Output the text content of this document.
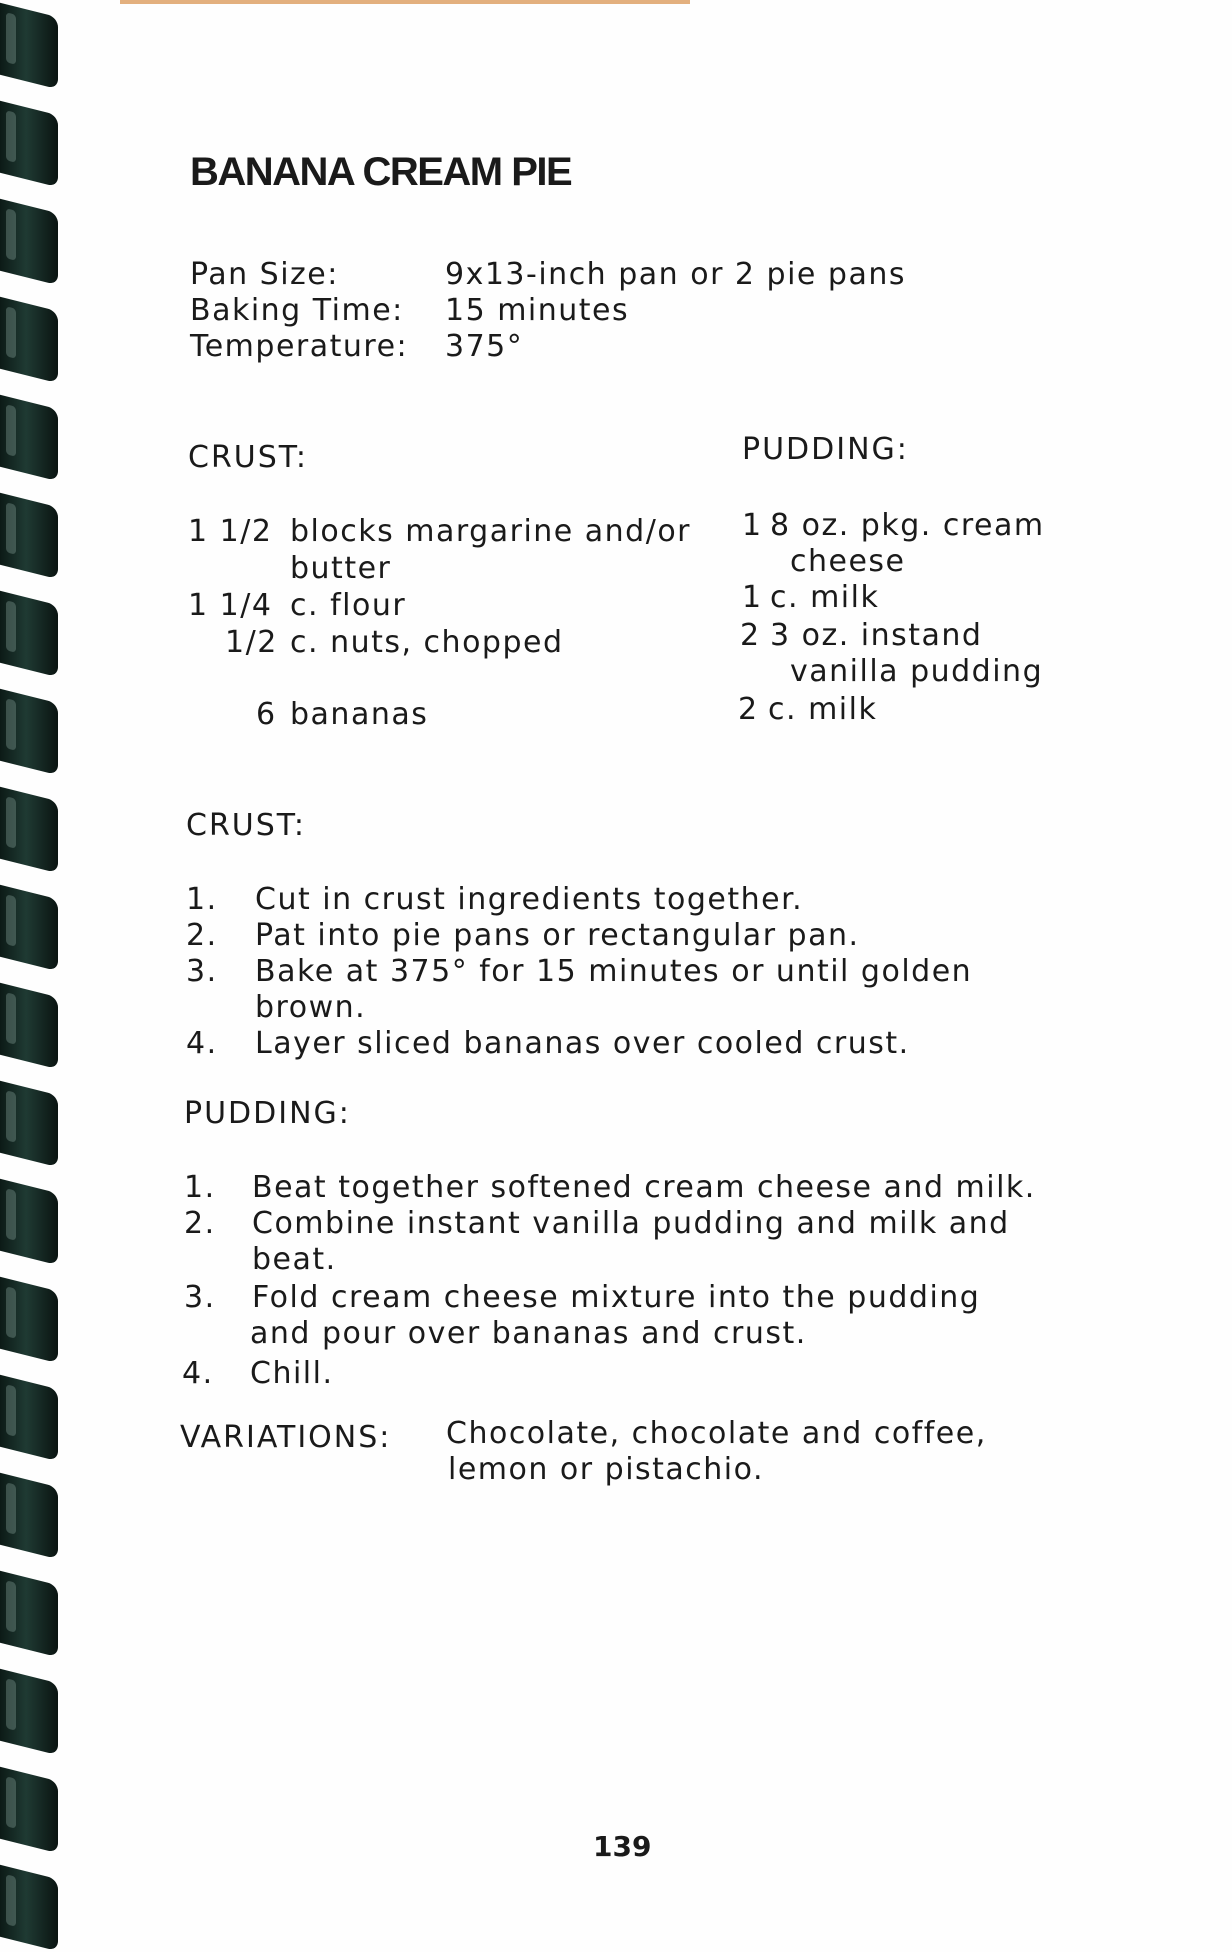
BANANA CREAM PIE
Pan Size:	9x13-inch pan or 2 pie pans
Baking Time: 15 minutes
Temperature: 375°
CRUST:
1 1/2 blocks margarine and/or
butter
1 1/4 c. flour
1/2 c. nuts, chopped
6 bananas
PUDDING:
1 8 oz. pkg. cream
cheese
1 c. milk
2 3 oz. instand
vanilla pudding
2 c. milk
CRUST:
1. Cut in crust ingredients together.
2. Pat into pie pans or rectangular pan.
3. Bake at 375° for 15 minutes or until golden
brown.
4. Layer sliced bananas over cooled crust.
PUDDING:
1. Beat together softened cream cheese and milk.
2. Combine instant vanilla pudding and milk and
beat.
3. Fold cream cheese mixture into the pudding
and pour over bananas and crust.
4. Chill.
VARIATIONS: Chocolate, chocolate and coffee,
lemon or pistachio.
139
